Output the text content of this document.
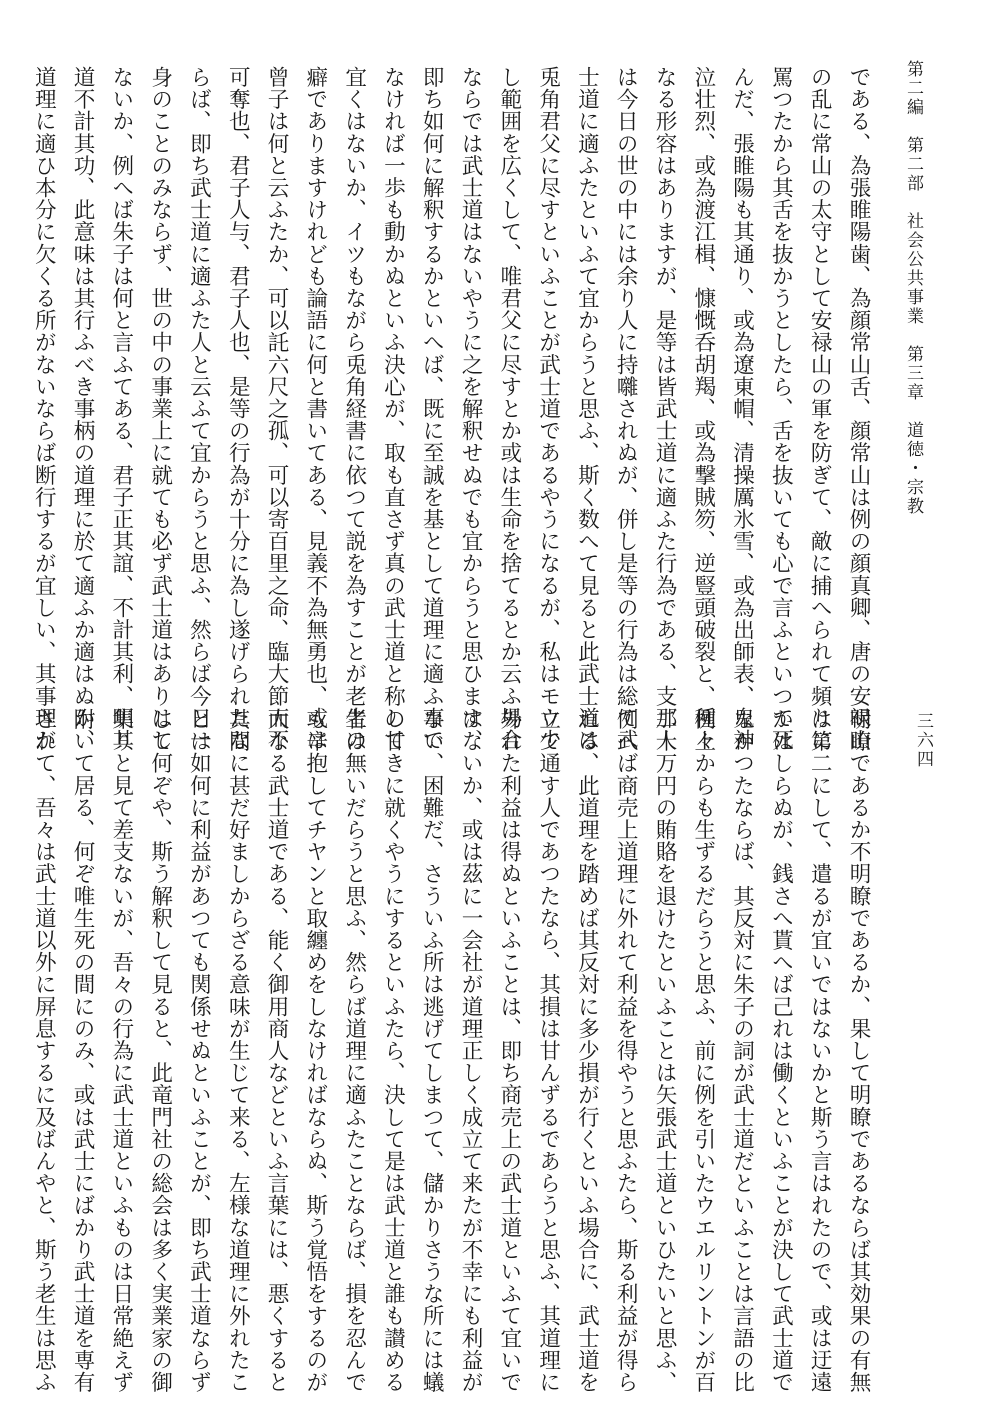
第二編　第二部　社会公共事業　第三章　道徳・宗教
三六四
である、為張睢陽歯、為顔常山舌、顔常山は例の顔真卿、唐の安禄山
の乱に常山の太守として安禄山の軍を防ぎて、敵に捕へられて頻りに
罵つたから其舌を抜かうとしたら、舌を抜いても心で言ふといつて死
んだ、張睢陽も其通り、或為遼東帽、清操厲氷雪、或為出師表、鬼神
泣壮烈、或為渡江楫、慷慨呑胡羯、或為撃賊笏、逆豎頭破裂と、種々
なる形容はありますが、是等は皆武士道に適ふた行為である、支那人
は今日の世の中には余り人に持囃されぬが、併し是等の行為は総て武
士道に適ふたといふて宜からうと思ふ、斯く数へて見ると此武士道は
兎角君父に尽すといふことが武士道であるやうになるが、私はモウ少
し範囲を広くして、唯君父に尽すとか或は生命を捨てるとか云ふ場合
ならでは武士道はないやうに之を解釈せぬでも宜からうと思ひます、
即ち如何に解釈するかといへば、既に至誠を基として道理に適ふ事で
なければ一歩も動かぬといふ決心が、取も直さず真の武士道と称して
宜くはないか、イツもながら兎角経書に依つて説を為すことが老生の
癖でありますけれども論語に何と書いてある、見義不為無勇也、或は
曾子は何と云ふたか、可以託六尺之孤、可以寄百里之命、臨大節而不
可奪也、君子人与、君子人也、是等の行為が十分に為し遂げられたな
らば、即ち武士道に適ふた人と云ふて宜からうと思ふ、然らば今日一
身のことのみならず、世の中の事業上に就ても必ず武士道はありはし
ないか、例へば朱子は何と言ふてある、君子正其誼、不計其利、明其
道不計其功、此意味は其行ふべき事柄の道理に於て適ふか適はぬか、
道理に適ひ本分に欠くる所がないならば断行するが宜しい、其事理が
明瞭であるか不明瞭であるか、果して明瞭であるならば其効果の有無
は第二にして、遣るが宜いではないかと斯う言はれたので、或は迂遠
かはしらぬが、銭さへ貰へば己れは働くといふことが決して武士道で
なかつたならば、其反対に朱子の詞が武士道だといふことは言語の比
例上からも生ずるだらうと思ふ、前に例を引いたウエルリントンが百
二十万円の賄賂を退けたといふことは矢張武士道といひたいと思ふ、
例へば商売上道理に外れて利益を得やうと思ふたら、斯る利益が得ら
れる、此道理を踏めば其反対に多少損が行くといふ場合に、武士道を
立て通す人であつたなら、其損は甘んずるであらうと思ふ、其道理に
外れた利益は得ぬといふことは、即ち商売上の武士道といふて宜いで
はないか、或は茲に一会社が道理正しく成立て来たが不幸にも利益が
ない、困難だ、さういふ所は逃げてしまつて、儲かりさうな所には蟻
の甘きに就くやうにするといふたら、決して是は武士道と誰も讃める
者は無いだらうと思ふ、然らば道理に適ふたことならば、損を忍んで
も辛抱してチヤンと取纏めをしなければならぬ、斯う覚悟をするのが
大なる武士道である、能く御用商人などといふ言葉には、悪くすると
其間に甚だ好ましからざる意味が生じて来る、左様な道理に外れたこ
とは如何に利益があつても関係せぬといふことが、即ち武士道ならず
して何ぞや、斯う解釈して見ると、此竜門社の総会は多く実業家の御
集りと見て差支ないが、吾々の行為に武士道といふものは日常絶えず
附いて居る、何ぞ唯生死の間にのみ、或は武士にばかり武士道を専有
されて、吾々は武士道以外に屏息するに及ばんやと、斯う老生は思ふ
